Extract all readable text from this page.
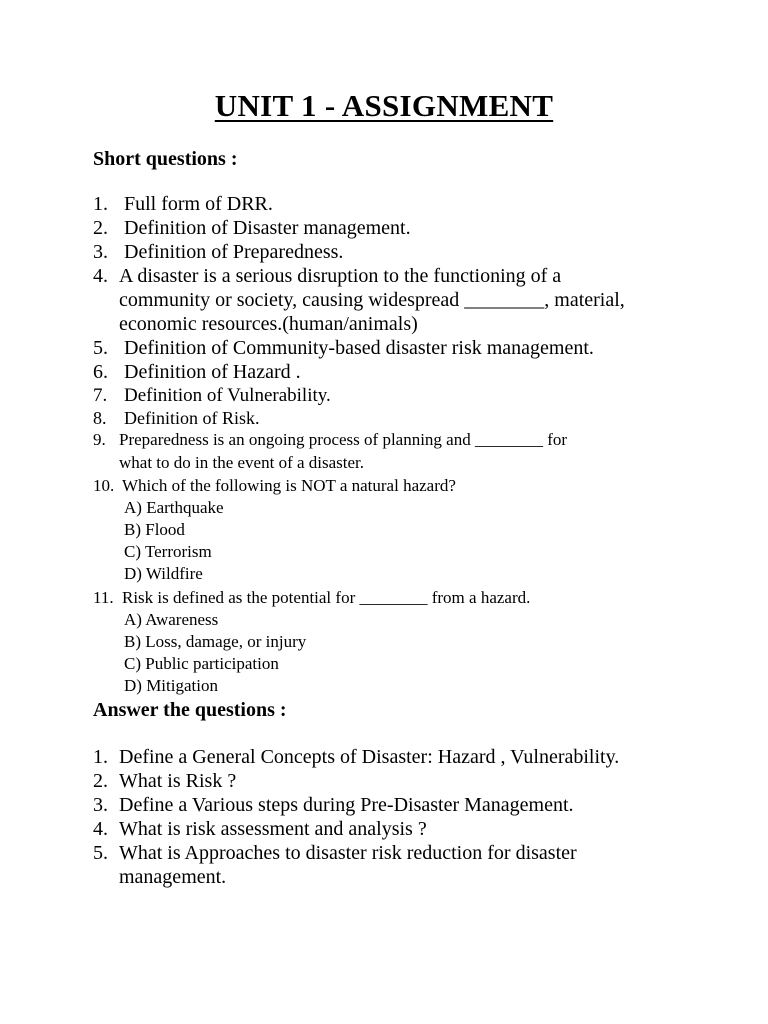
UNIT 1 - ASSIGNMENT
Short questions :
1. Full form of DRR.
2. Definition of Disaster management.
3. Definition of Preparedness.
4. A disaster is a serious disruption to the functioning of a
community or society, causing widespread ________, material,
economic resources.(human/animals)
5. Definition of Community-based disaster risk management.
6. Definition of Hazard .
7. Definition of Vulnerability.
8. Definition of Risk.
9. Preparedness is an ongoing process of planning and ________ for
what to do in the event of a disaster.
10. Which of the following is NOT a natural hazard?
A) Earthquake
B) Flood
C) Terrorism
D) Wildfire
11. Risk is defined as the potential for ________ from a hazard.
A) Awareness
B) Loss, damage, or injury
C) Public participation
D) Mitigation
Answer the questions :
1. Define a General Concepts of Disaster: Hazard , Vulnerability.
2. What is Risk ?
3. Define a Various steps during Pre-Disaster Management.
4. What is risk assessment and analysis ?
5. What is Approaches to disaster risk reduction for disaster
management.
